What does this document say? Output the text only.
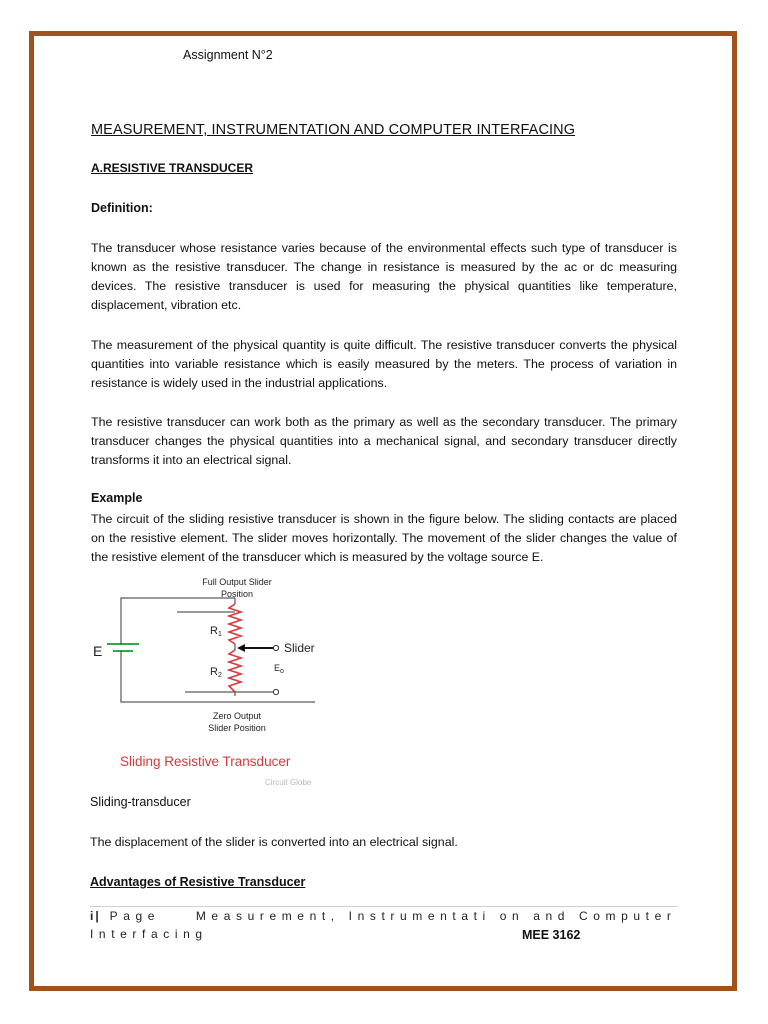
Assignment N°2
MEASUREMENT, INSTRUMENTATION AND COMPUTER INTERFACING
A.RESISTIVE TRANSDUCER
Definition:
The transducer whose resistance varies because of the environmental effects such type of transducer is known as the resistive transducer. The change in resistance is measured by the ac or dc measuring devices. The resistive transducer is used for measuring the physical quantities like temperature, displacement, vibration etc.
The measurement of the physical quantity is quite difficult. The resistive transducer converts the physical quantities into variable resistance which is easily measured by the meters. The process of variation in resistance is widely used in the industrial applications.
The resistive transducer can work both as the primary as well as the secondary transducer. The primary transducer changes the physical quantities into a mechanical signal, and secondary transducer directly transforms it into an electrical signal.
Example
The circuit of the sliding resistive transducer is shown in the figure below. The sliding contacts are placed on the resistive element. The slider moves horizontally. The movement of the slider changes the value of the resistive element of the transducer which is measured by the voltage source E.
Full Output Slider
Position
R1
R2
E	Slider
$E_o$
Zero Output
Slider Position
Sliding Resistive Transducer
Circuit Globe
Sliding-transducer
The displacement of the slider is converted into an electrical signal.
Advantages of Resistive Transducer
i| Page	Measurement, Instrumentati on and Computer
Interfacing	MEE 3162
